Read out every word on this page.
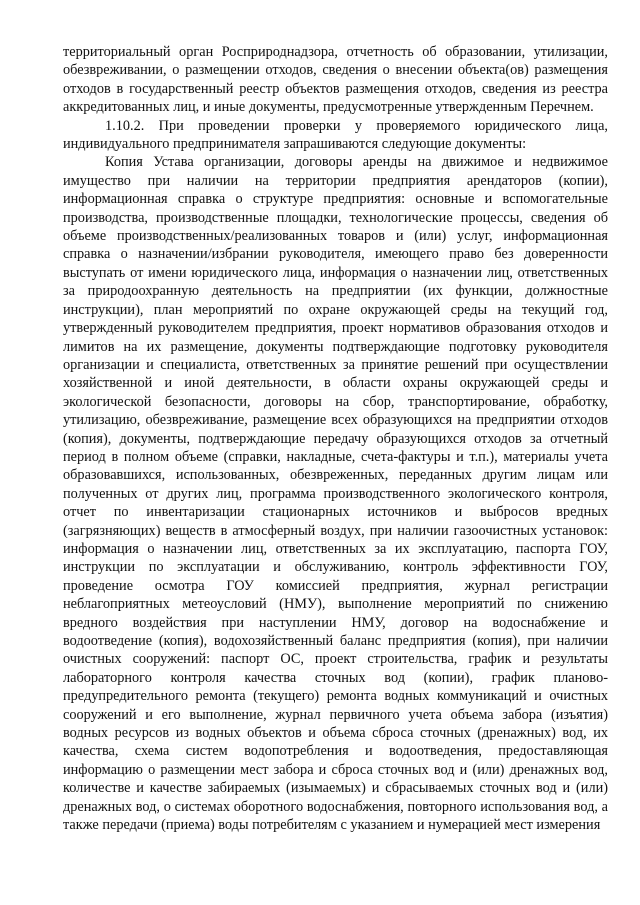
территориальный орган Росприроднадзора, отчетность об образовании, утилизации, обезвреживании, о размещении отходов, сведения о внесении объекта(ов) размещения отходов в государственный реестр объектов размещения отходов, сведения из реестра аккредитованных лиц, и иные документы, предусмотренные утвержденным Перечнем.

1.10.2. При проведении проверки у проверяемого юридического лица, индивидуального предпринимателя запрашиваются следующие документы:

Копия Устава организации, договоры аренды на движимое и недвижимое имущество при наличии на территории предприятия арендаторов (копии), информационная справка о структуре предприятия: основные и вспомогательные производства, производственные площадки, технологические процессы, сведения об объеме производственных/реализованных товаров и (или) услуг, информационная справка о назначении/избрании руководителя, имеющего право без доверенности выступать от имени юридического лица, информация о назначении лиц, ответственных за природоохранную деятельность на предприятии (их функции, должностные инструкции), план мероприятий по охране окружающей среды на текущий год, утвержденный руководителем предприятия, проект нормативов образования отходов и лимитов на их размещение, документы подтверждающие подготовку руководителя организации и специалиста, ответственных за принятие решений при осуществлении хозяйственной и иной деятельности, в области охраны окружающей среды и экологической безопасности, договоры на сбор, транспортирование, обработку, утилизацию, обезвреживание, размещение всех образующихся на предприятии отходов (копия), документы, подтверждающие передачу образующихся отходов за отчетный период в полном объеме (справки, накладные, счета-фактуры и т.п.), материалы учета образовавшихся, использованных, обезвреженных, переданных другим лицам или полученных от других лиц, программа производственного экологического контроля, отчет по инвентаризации стационарных источников и выбросов вредных (загрязняющих) веществ в атмосферный воздух, при наличии газоочистных установок: информация о назначении лиц, ответственных за их эксплуатацию, паспорта ГОУ, инструкции по эксплуатации и обслуживанию, контроль эффективности ГОУ, проведение осмотра ГОУ комиссией предприятия, журнал регистрации неблагоприятных метеоусловий (НМУ), выполнение мероприятий по снижению вредного воздействия при наступлении НМУ, договор на водоснабжение и водоотведение (копия), водохозяйственный баланс предприятия (копия), при наличии очистных сооружений: паспорт ОС, проект строительства, график и результаты лабораторного контроля качества сточных вод (копии), график планово-предупредительного ремонта (текущего) ремонта водных коммуникаций и очистных сооружений и его выполнение, журнал первичного учета объема забора (изъятия) водных ресурсов из водных объектов и объема сброса сточных (дренажных) вод, их качества, схема систем водопотребления и водоотведения, предоставляющая информацию о размещении мест забора и сброса сточных вод и (или) дренажных вод, количестве и качестве забираемых (изымаемых) и сбрасываемых сточных вод и (или) дренажных вод, о системах оборотного водоснабжения, повторного использования вод, а также передачи (приема) воды потребителям с указанием и нумерацией мест измерения
